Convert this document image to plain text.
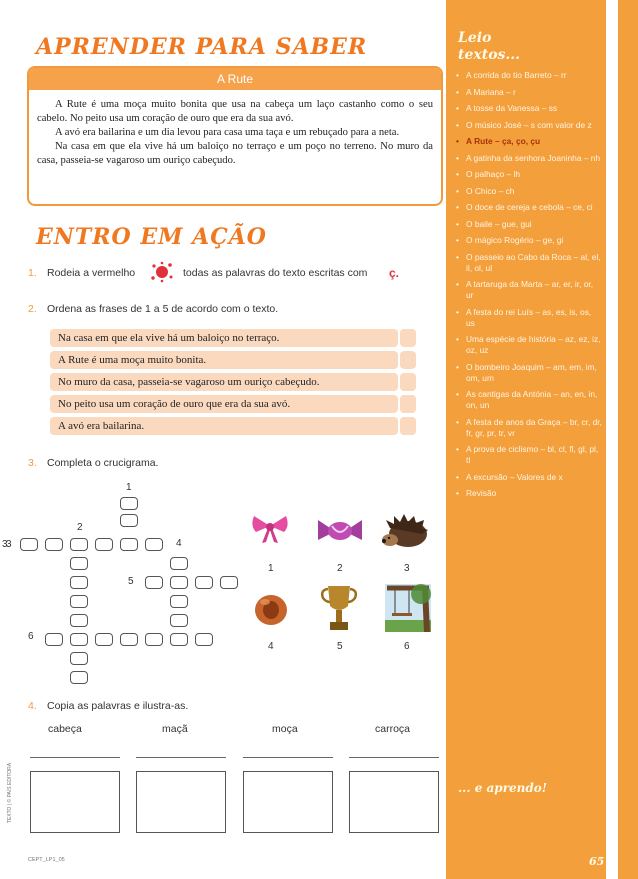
APRENDER PARA SABER
A Rute

A Rute é uma moça muito bonita que usa na cabeça um laço castanho como o seu cabelo. No peito usa um coração de ouro que era da sua avó.

A avó era bailarina e um dia levou para casa uma taça e um rebuçado para a neta.

Na casa em que ela vive há um baloiço no terraço e um poço no terreno. No muro da casa, passeia-se vagaroso um ouriço cabeçudo.

ENTRO EM AÇÃO
1. Rodeia a vermelho	todas as palavras do texto escritas com ç.
2. Ordena as frases de 1 a 5 de acordo com o texto.
Na casa em que ela vive há um baloiço no terraço.
A Rute é uma moça muito bonita.
No muro da casa, passeia-se vagaroso um ouriço cabeçudo.
No peito usa um coração de ouro que era da sua avó.
A avó era bailarina.
3. Completa o crucigrama.
1
2
3	4
5
6
1	2	3
4	5	6
4. Copia as palavras e ilustra-as.
cabeça	maçã	moça	carroça
3
TEXTO | © PAÍS EDITORA
CEPT_LP1_05
Leio
textos...
• A corrida do tio Barreto – rr
• A Mariana – r
• A tosse da Vanessa – ss
• O músico José – s com valor de z
• A Rute – ça, ço, çu
• A gatinha da senhora Joaninha – nh
• O palhaço – lh
• O Chico – ch
• O doce de cereja e cebola – ce, ci
• O baile – gue, gui
• O mágico Rogério – ge, gi
• O passeio ao Cabo da Roca – al, el, il, ol, ul
• A tartaruga da Marta – ar, er, ir, or, ur
• A festa do rei Luís – as, es, is, os, us
• Uma espécie de história – az, ez, iz, oz, uz
• O bombeiro Joaquim – am, em, im, om, um
• As cantigas da Antónia – an, en, in, on, un
• A festa de anos da Graça – br, cr, dr, fr, gr, pr, tr, vr
• A prova de ciclismo – bl, cl, fl, gl, pl, tl
• A excursão – Valores de x
• Revisão
... e aprendo!
65
